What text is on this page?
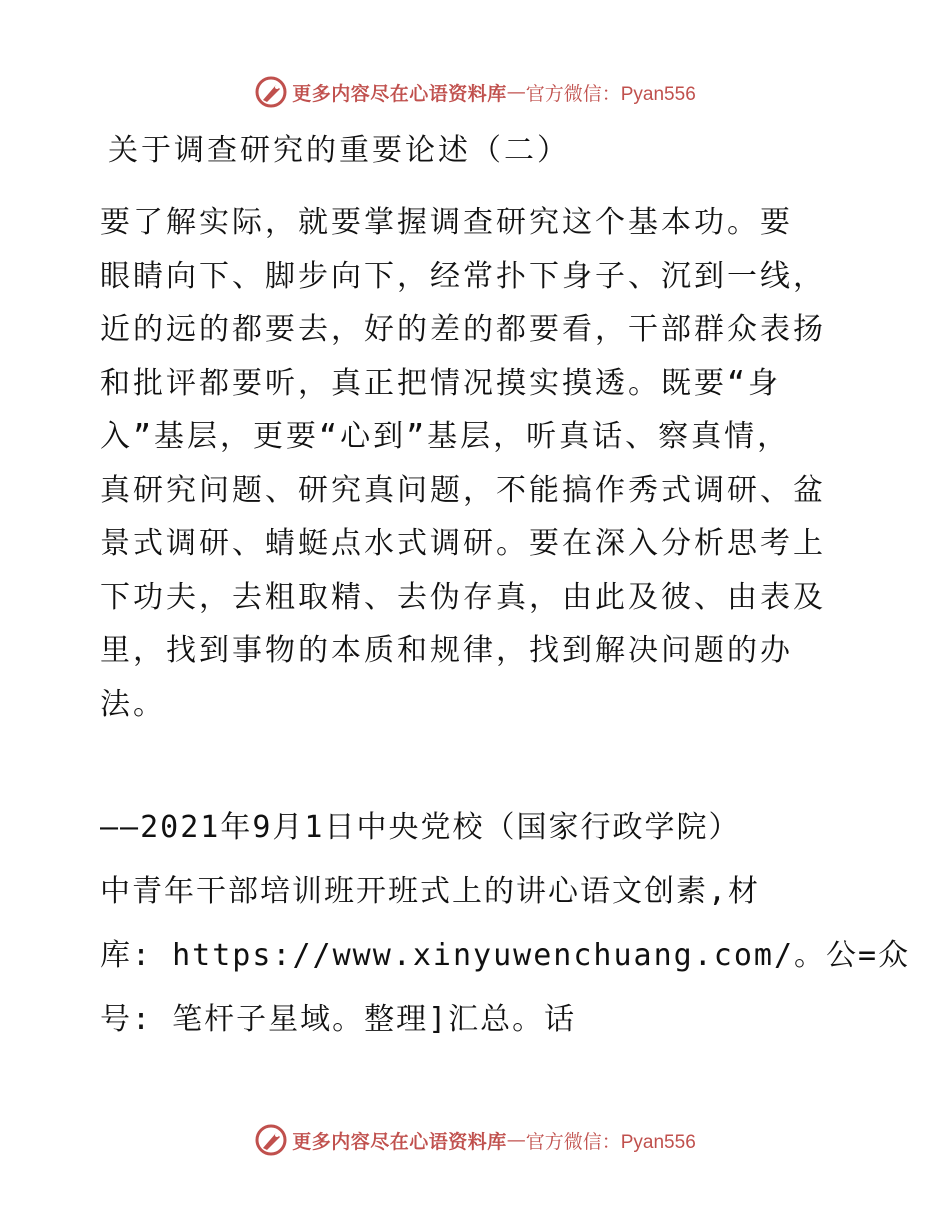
更多内容尽在心语资料库 — 官方微信：Pyan556
关于调查研究的重要论述（二）

要了解实际，就要掌握调查研究这个基本功。要

眼睛向下、脚步向下，经常扑下身子、沉到一线，

近的远的都要去，好的差的都要看，干部群众表扬

和批评都要听，真正把情况摸实摸透。既要“身

入”基层，更要“心到”基层，听真话、察真情，

真研究问题、研究真问题，不能搞作秀式调研、盆

景式调研、蜻蜓点水式调研。要在深入分析思考上

下功夫，去粗取精、去伪存真，由此及彼、由表及

里，找到事物的本质和规律，找到解决问题的办

法。

——2021年9月1日中央党校（国家行政学院）

中青年干部培训班开班式上的讲心语文创素,材

库: https://www.xinyuwenchuang.com/。公=众

号: 笔杆子星域。整理]汇总。话

更多内容尽在心语资料库 — 官方微信：Pyan556
